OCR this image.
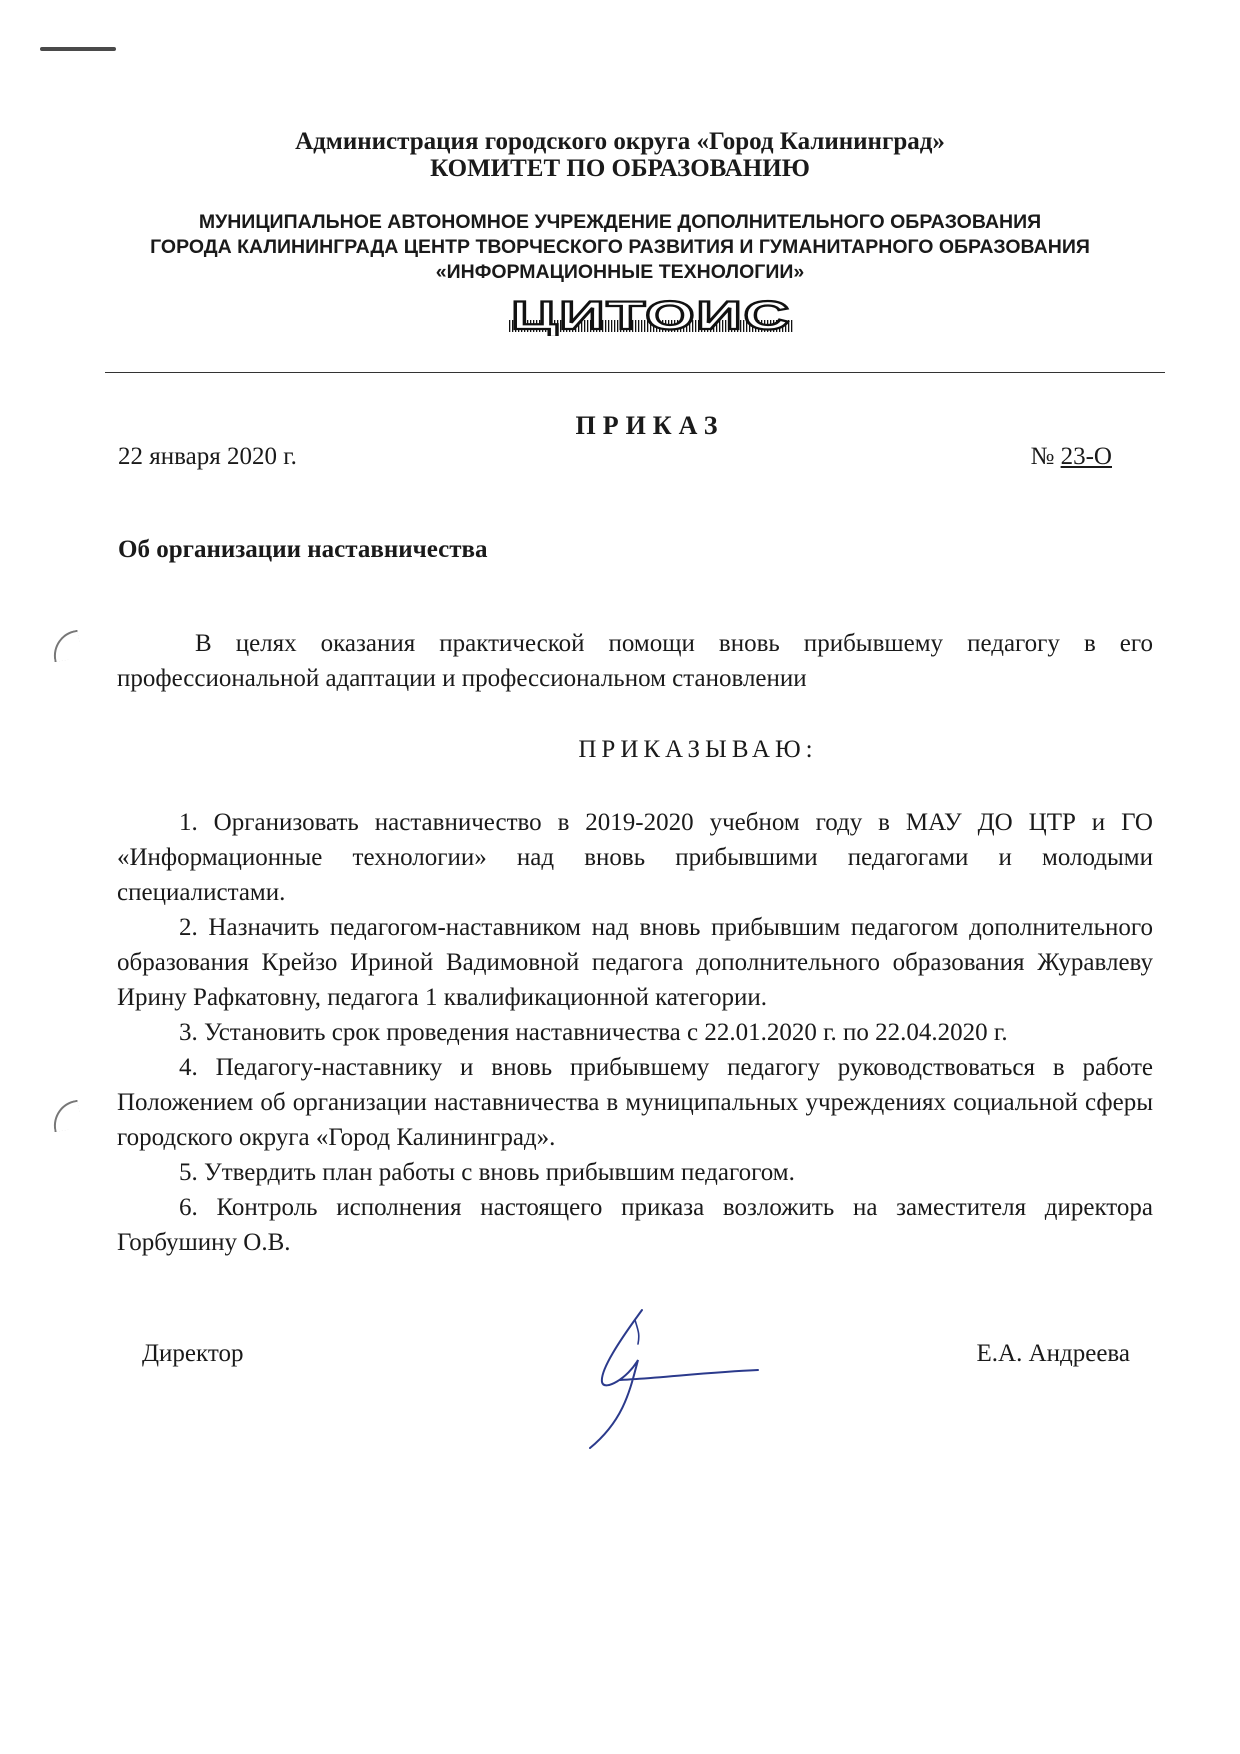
Администрация городского округа «Город Калининград»
КОМИТЕТ ПО ОБРАЗОВАНИЮ
МУНИЦИПАЛЬНОЕ АВТОНОМНОЕ УЧРЕЖДЕНИЕ ДОПОЛНИТЕЛЬНОГО ОБРАЗОВАНИЯ
ГОРОДА КАЛИНИНГРАДА ЦЕНТР ТВОРЧЕСКОГО РАЗВИТИЯ И ГУМАНИТАРНОГО ОБРАЗОВАНИЯ
«ИНФОРМАЦИОННЫЕ ТЕХНОЛОГИИ»
ЦИТОИС
ПРИКАЗ
22 января 2020 г.	№ 23-О
Об организации наставничества
В целях оказания практической помощи вновь прибывшему педагогу в его профессиональной адаптации и профессиональном становлении
ПРИКАЗЫВАЮ:

1. Организовать наставничество в 2019-2020 учебном году в МАУ ДО ЦТР и ГО «Информационные технологии» над вновь прибывшими педагогами и молодыми специалистами.

2. Назначить педагогом-наставником над вновь прибывшим педагогом дополнительного образования Крейзо Ириной Вадимовной педагога дополнительного образования Журавлеву Ирину Рафкатовну, педагога 1 квалификационной категории.

3. Установить срок проведения наставничества с 22.01.2020 г. по 22.04.2020 г.

4. Педагогу-наставнику и вновь прибывшему педагогу руководствоваться в работе Положением об организации наставничества в муниципальных учреждениях социальной сферы городского округа «Город Калининград».

5. Утвердить план работы с вновь прибывшим педагогом.

6. Контроль исполнения настоящего приказа возложить на заместителя директора Горбушину О.В.

Директор	Е.А. Андреева
